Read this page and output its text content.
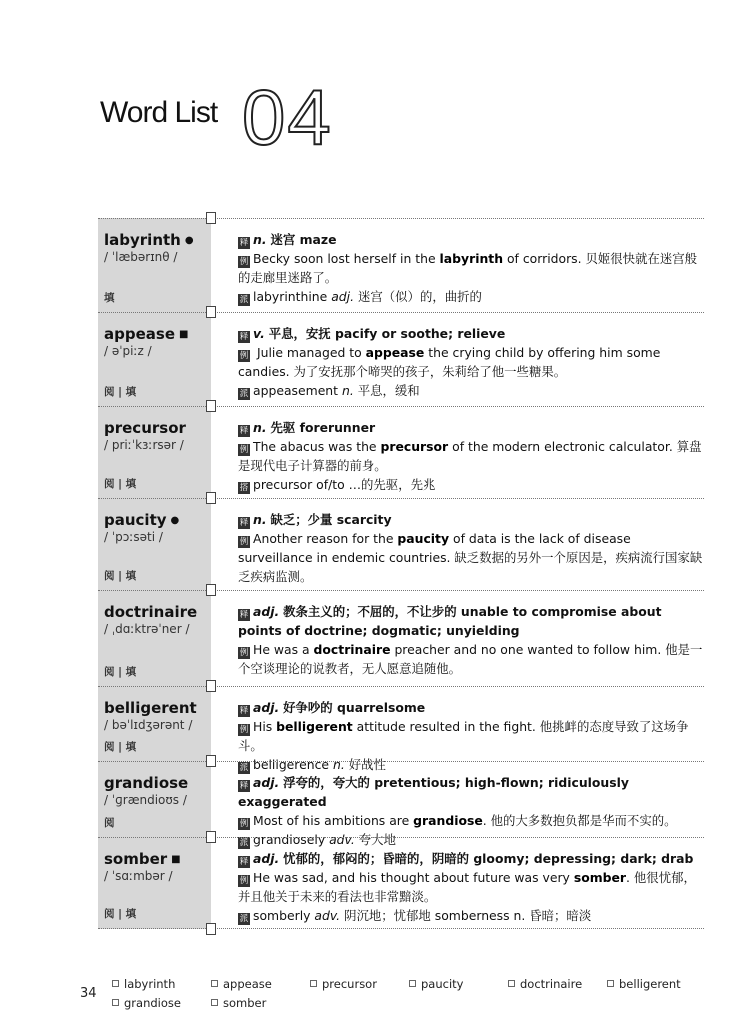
Word List 04
labyrinth ●
/ ˈlæbərɪnθ /
填
释 n. 迷宫 maze
例 Becky soon lost herself in the labyrinth of corridors. 贝姬很快就在迷宫般的走廊里迷路了。
派 labyrinthine adj. 迷宫（似）的，曲折的
appease ■
/ əˈpiːz /
阅 | 填
释 v. 平息，安抚 pacify or soothe; relieve
例 Julie managed to appease the crying child by offering him some candies. 为了安抚那个啼哭的孩子，朱莉给了他一些糖果。
派 appeasement n. 平息，缓和
precursor
/ priːˈkɜːrsər /
阅 | 填
释 n. 先驱 forerunner
例 The abacus was the precursor of the modern electronic calculator. 算盘是现代电子计算器的前身。
搭 precursor of/to …的先驱，先兆
paucity ●
/ ˈpɔːsəti /
阅 | 填
释 n. 缺乏；少量 scarcity
例 Another reason for the paucity of data is the lack of disease surveillance in endemic countries. 缺乏数据的另外一个原因是，疾病流行国家缺乏疾病监测。
doctrinaire
/ ˌdɑːktrəˈner /
阅 | 填
释 adj. 教条主义的；不屈的，不让步的 unable to compromise about points of doctrine; dogmatic; unyielding
例 He was a doctrinaire preacher and no one wanted to follow him. 他是一个空谈理论的说教者，无人愿意追随他。
belligerent
/ bəˈlɪdʒərənt /
阅 | 填
释 adj. 好争吵的 quarrelsome
例 His belligerent attitude resulted in the fight. 他挑衅的态度导致了这场争斗。
派 belligerence n. 好战性
grandiose
/ ˈɡrændioʊs /
阅
释 adj. 浮夸的，夸大的 pretentious; high-flown; ridiculously exaggerated
例 Most of his ambitions are grandiose. 他的大多数抱负都是华而不实的。
派 grandiosely adv. 夸大地
somber ■
/ ˈsɑːmbər /
阅 | 填
释 adj. 忧郁的，郁闷的；昏暗的，阴暗的 gloomy; depressing; dark; drab
例 He was sad, and his thought about future was very somber. 他很忧郁，并且他关于未来的看法也非常黯淡。
派 somberly adv. 阴沉地；忧郁地 somberness n. 昏暗；暗淡
34
labyrinth	appease	precursor	paucity	doctrinaire	belligerent
grandiose	somber
